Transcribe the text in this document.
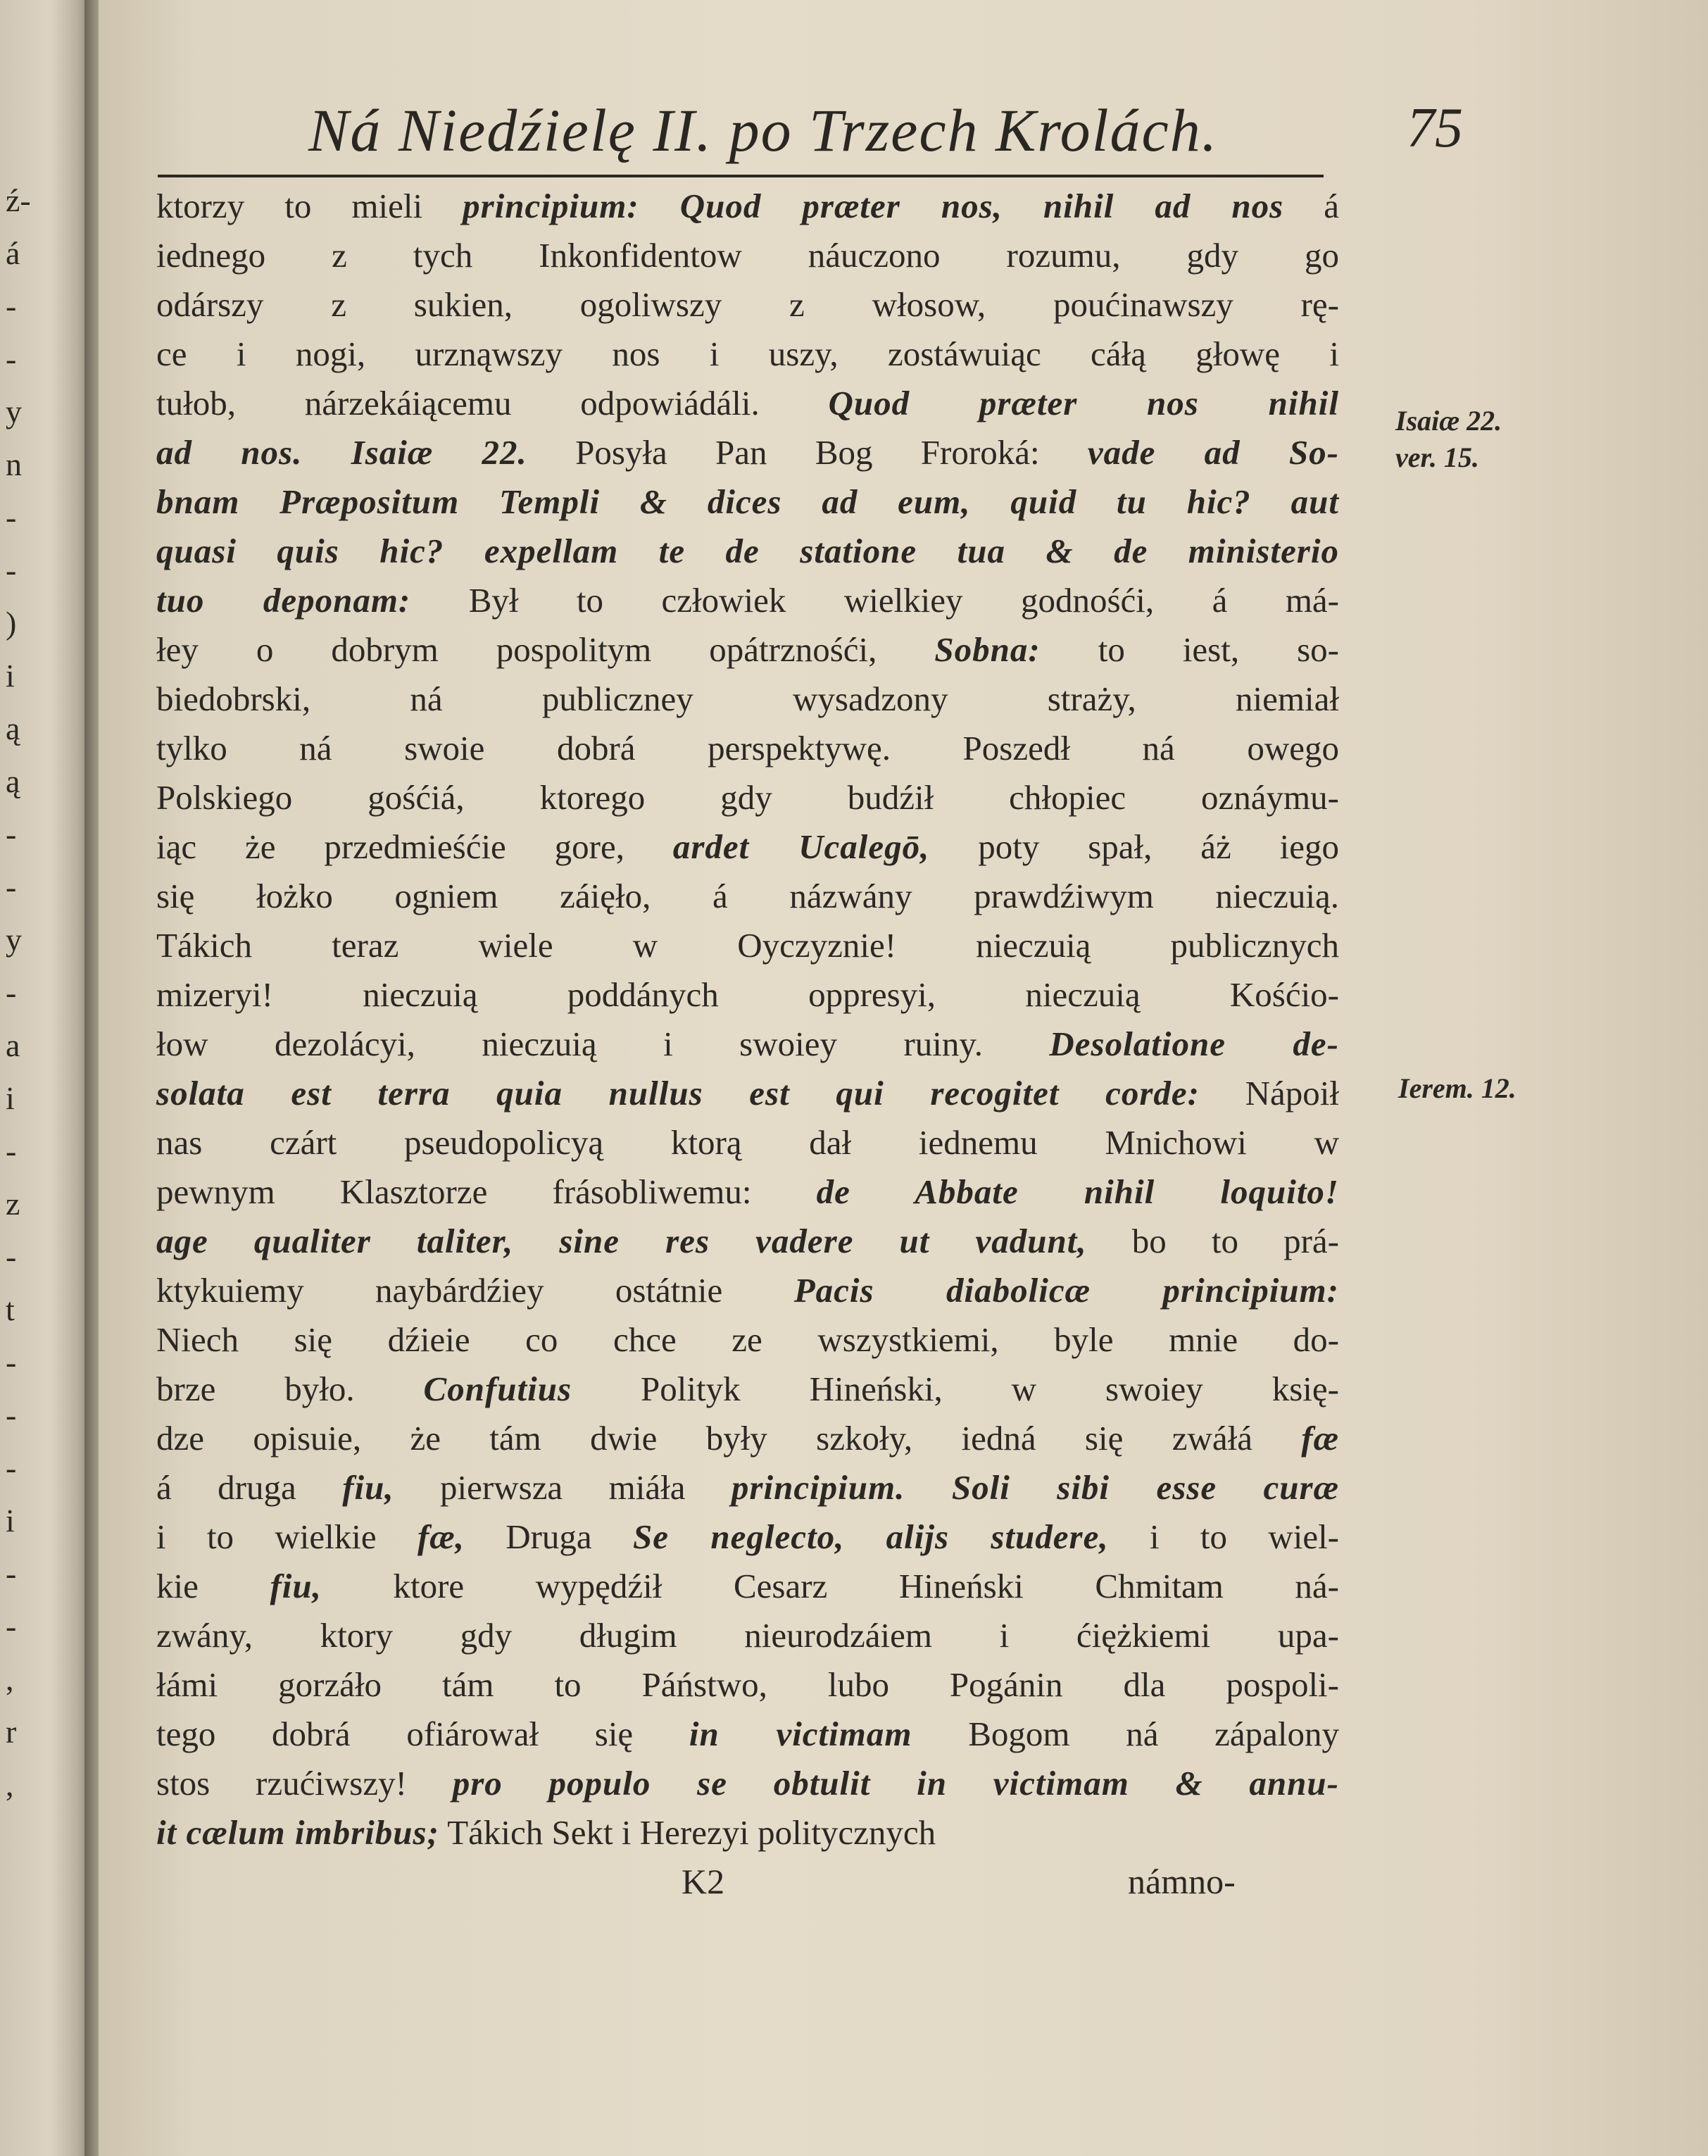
ź-
á
-
-
y
n
-
-
)
i
ą
ą
-
-
y
-
a
i
-
z
-
t
-
-
-
i
-
-
,
r
,
Ná Niedźielę II. po Trzech Krolách.	75
ktorzy to mieli principium: Quod præter nos, nihil ad nos á
iednego z tych Inkonfidentow náuczono rozumu, gdy go
odárszy z sukien, ogoliwszy z włosow, poućinawszy rę-
ce i nogi, urznąwszy nos i uszy, zostáwuiąc cáłą głowę i
tułob, nárzekáiącemu odpowiádáli. Quod præter nos nihil
ad nos. Isaiæ 22. Posyła Pan Bog Froroká: vade ad So-
bnam Præpositum Templi & dices ad eum, quid tu hic? aut
quasi quis hic? expellam te de statione tua & de ministerio
tuo deponam: Był to człowiek wielkiey godnośći, á má-
łey o dobrym pospolitym opátrznośći, Sobna: to iest, so-
biedobrski, ná publiczney wysadzony straży, niemiał
tylko ná swoie dobrá perspektywę. Poszedł ná owego
Polskiego gośćiá, ktorego gdy budźił chłopiec oznáymu-
iąc że przedmieśćie gore, ardet Ucalegō, poty spał, áż iego
się łożko ogniem záięło, á názwány prawdźiwym nieczuią.
Tákich teraz wiele w Oyczyznie! nieczuią publicznych
mizeryi! nieczuią poddánych oppresyi, nieczuią Kośćio-
łow dezolácyi, nieczuią i swoiey ruiny. Desolatione de-
solata est terra quia nullus est qui recogitet corde: Nápoił
nas czárt pseudopolicyą ktorą dał iednemu Mnichowi w
pewnym Klasztorze frásobliwemu: de Abbate nihil loquito!
age qualiter taliter, sine res vadere ut vadunt, bo to prá-
ktykuiemy naybárdźiey ostátnie Pacis diabolicæ principium:
Niech się dźieie co chce ze wszystkiemi, byle mnie do-
brze było. Confutius Polityk Hineński, w swoiey księ-
dze opisuie, że tám dwie były szkoły, iedná się zwáłá fæ
á druga fiu, pierwsza miáła principium. Soli sibi esse curæ
i to wielkie fæ, Druga Se neglecto, alijs studere, i to wiel-
kie fiu, ktore wypędźił Cesarz Hineński Chmitam ná-
zwány, ktory gdy długim nieurodzáiem i ćiężkiemi upa-
łámi gorzáło tám to Páństwo, lubo Pogánin dla pospoli-
tego dobrá ofiárował się in victimam Bogom ná zápalony
stos rzućiwszy! pro populo se obtulit in victimam & annu-
it cælum imbribus; Tákich Sekt i Herezyi politycznych
Isaiæ 22.
ver. 15.
Ierem. 12.
K2	námno-
